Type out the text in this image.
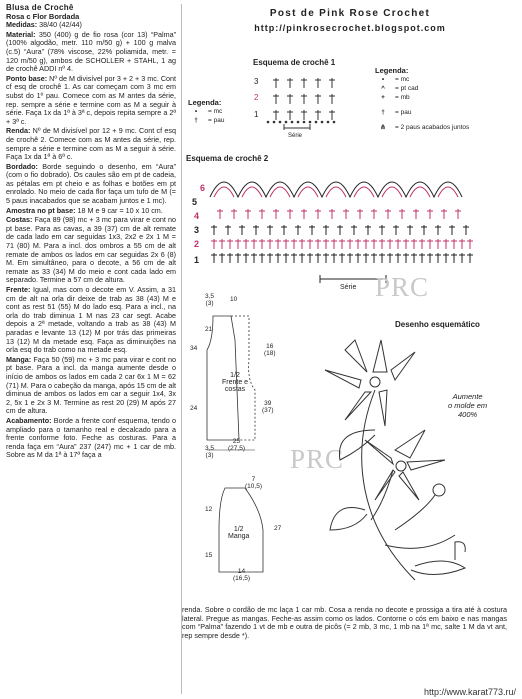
Blusa de Crochê
Rosa c Flor Bordada
Medidas: 38/40 (42/44)
Material: 350 (400) g de fio rosa (cor 13) “Palma” (100% algodão, metr. 110 m/50 g) + 100 g malva (c.5) “Aura” (78% viscose, 22% poliamida, metr. = 120 m/50 g), ambos de SCHOLLER + STAHL, 1 ag de crochê ADDI nº 4.
Ponto base: Nº de M divisível por 3 + 2 + 3 mc. Cont cf esq de crochê 1. As car começam com 3 mc em subst do 1º pau. Comece com as M antes da série, rep. sempre a série e termine com as M a seguir à série. Faça 1x da 1ª à 3ª c, depois repita sempre a 2ª + 3ª c.
Renda: Nº de M divisível por 12 + 9 mc. Cont cf esq de crochê 2. Comece com as M antes da série, rep. sempre a série e termine com as M a seguir à série. Faça 1x da 1ª à 6ª c.
Bordado: Borde seguindo o desenho, em “Aura” (com o fio dobrado). Os caules são em pt de cadeia, as pétalas em pt cheio e as folhas e botões em pt enrolado. No meio de cada flor faça um tufo de M (= 5 paus inacabados que se acabam juntos e 1 mc).
Amostra no pt base: 18 M e 9 car = 10 x 10 cm.
Costas: Faça 89 (98) mc + 3 mc para virar e cont no pt base. Para as cavas, a 39 (37) cm de alt remate de cada lado em car seguidas 1x3, 2x2 e 2x 1 M = 71 (80) M. Para a incl. dos ombros a 55 cm de alt remate de ambos os lados em car seguidas 2x 6 (8) M. Em simultâneo, para o decote, a 56 cm de alt remate as 33 (34) M do meio e cont cada lado em separado. Termine a 57 cm de altura.
Frente: Igual, mas com o decote em V. Assim, a 31 cm de alt na orla dir deixe de trab as 38 (43) M e cont as rest 51 (55) M do lado esq. Para a incl., na orla do trab diminua 1 M nas 23 car segt. Acabe depois a 2ª metade, voltando a trab as 38 (43) M paradas e levante 13 (12) M por trás das primeiras 13 (12) M da metade esq. Faça as diminuições na orla esq do trab como na metade esq.
Manga: Faça 50 (59) mc + 3 mc para virar e cont no pt base. Para a incl. da manga aumente desde o início de ambos os lados em cada 2 car 6x 1 M = 62 (71) M. Para o cabeção da manga, após 15 cm de alt diminua de ambos os lados em car a seguir 1x4, 3x 2, 5x 1 e 2x 3 M. Termine as rest 20 (29) M após 27 cm de altura.
Acabamento: Borde a frente conf esquema, tendo o ampliado para o tamanho real e decalcado para a frente conforme foto. Feche as costuras. Para a renda faça em “Aura” 237 (247) mc + 1 car de mb. Sobre as M da 1ª à 17ª faça a
Post de Pink Rose Crochet
http://pinkrosecrochet.blogspot.com
Esquema de crochê 1
Legenda:
•	= mc
†	= pau
3
2
1
Série
Legenda:
•	= mc
^	= pt cad
+	= mb
†	= pau
⋔	= 2 paus acabados juntos
Esquema de crochê 2
6
5
4
3
2
1
Série PRC
PRC
3,5
(3)
10
34
21
16
(18)
24
39
(37)
3,5
(3)
25
(27,5)
1/2
Frente e
costas
7
(10,5)
12
27
15
14
(16,5)
1/2
Manga
Desenho esquemático
Aumente
o molde em
400%
renda. Sobre o cordão de mc laça 1 car mb. Cosa a renda no decote e prossiga a tira até à costura lateral. Pregue as mangas. Feche-as assim como os lados. Contorne o cós em baixo e nas mangas com “Palma” fazendo 1 vt de mb e outra de picôs (= 2 mb, 3 mc, 1 mb na 1ª mc, salte 1 M da vt ant, rep sempre desde *).
http://www.karat773.ru/
